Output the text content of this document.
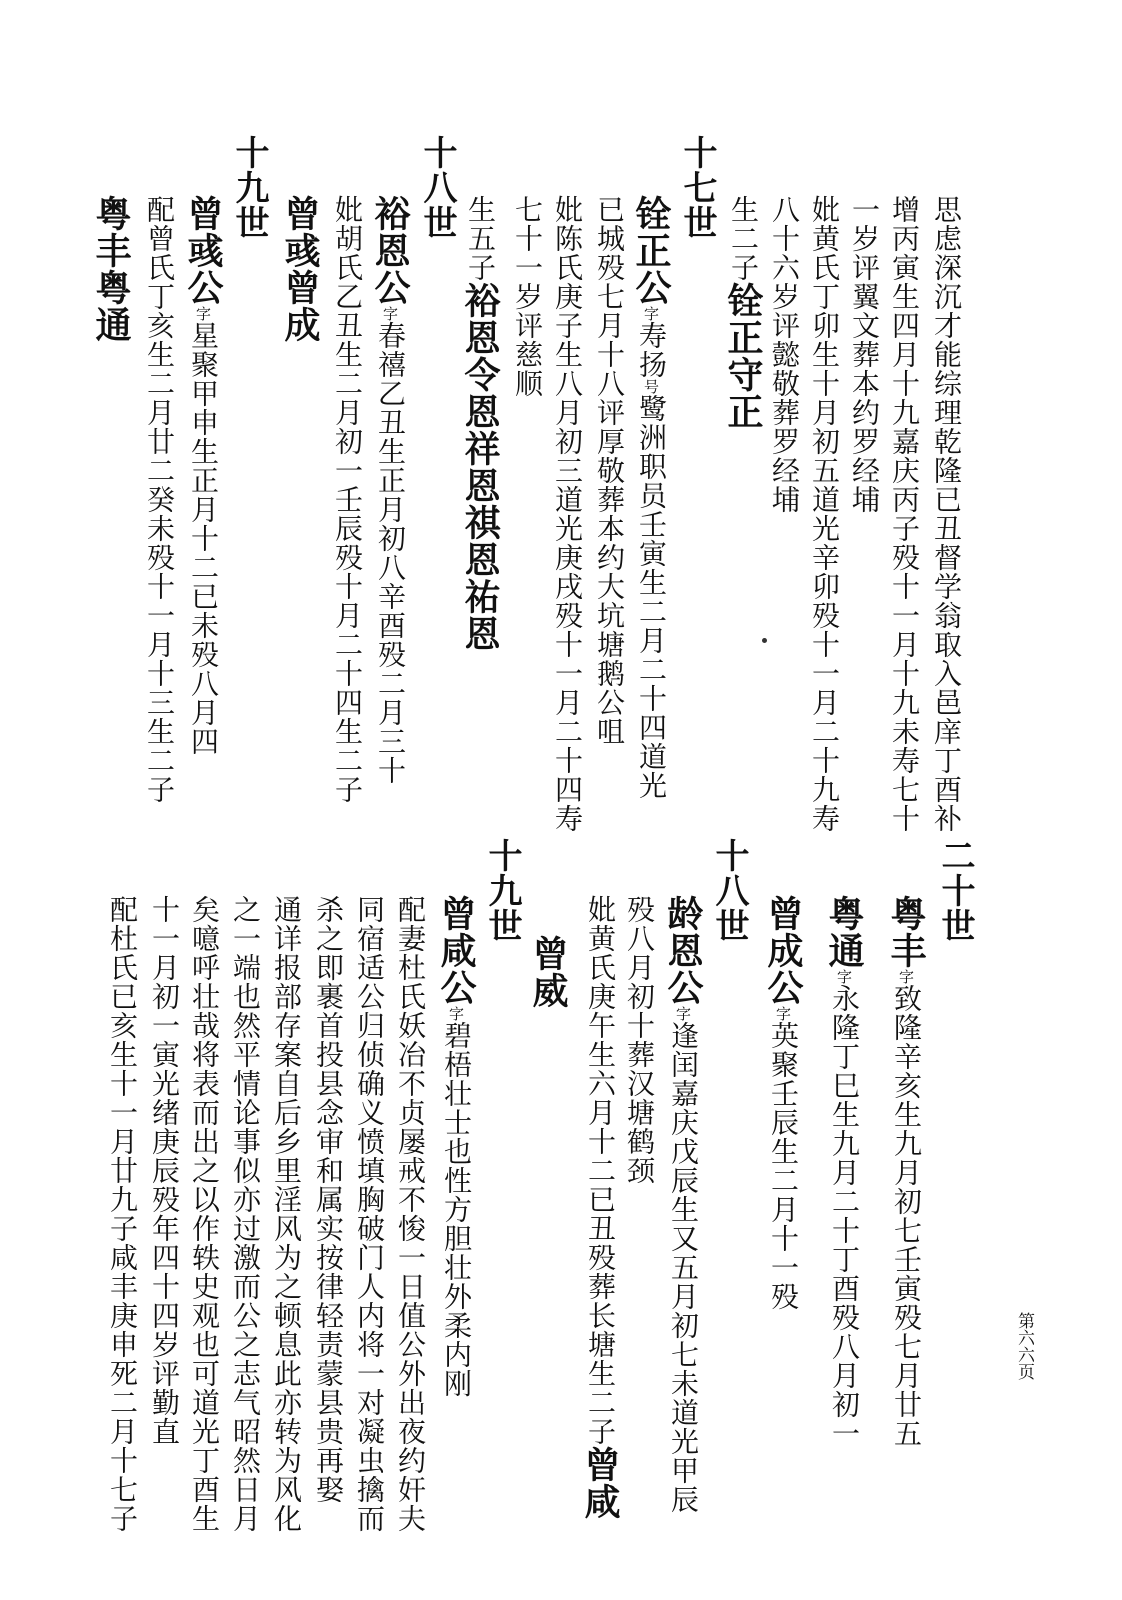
思虑深沉才能综理乾隆已丑督学翁取入邑庠丁酉补
增丙寅生四月十九嘉庆丙子殁十一月十九未寿七十
一岁评翼文葬本约罗经埔
妣黄氏丁卯生十月初五道光辛卯殁十一月二十九寿
八十六岁评懿敬葬罗经埔
生二子铨正守正
十七世
铨正公字寿扬号鹭洲职员壬寅生二月二十四道光
已城殁七月十八评厚敬葬本约大坑塘鹅公咀
妣陈氏庚子生八月初三道光庚戌殁十一月二十四寿
七十一岁评慈顺
生五子裕恩令恩祥恩祺恩祐恩
十八世
裕恩公字春禧乙丑生正月初八辛酉殁二月三十
妣胡氏乙丑生二月初一壬辰殁十月二十四生二子
曾彧曾成
十九世
曾彧公字星聚甲申生正月十二已未殁八月四
配曾氏丁亥生二月廿二癸未殁十一月十三生二子
粤丰粤通
二十世
粤丰字致隆辛亥生九月初七壬寅殁七月廿五
粤通字永隆丁巳生九月二十丁酉殁八月初一
曾成公字英聚壬辰生二月十一殁
十八世
龄恩公字逢闰嘉庆戊辰生又五月初七未道光甲辰
殁八月初十葬汉塘鹤颈
妣黄氏庚午生六月十二已丑殁葬长塘生二子曾咸
曾威
十九世
曾咸公字碧梧壮士也性方胆壮外柔内刚
配妻杜氏妖冶不贞屡戒不悛一日值公外出夜约奸夫
同宿适公归侦确义愤填胸破门人内将一对凝虫擒而
杀之即裹首投县念审和属实按律轻责蒙县贵再娶
通详报部存案自后乡里淫风为之顿息此亦转为风化
之一端也然平情论事似亦过激而公之志气昭然日月
矣噫呼壮哉将表而出之以作轶史观也可道光丁酉生
十一月初一寅光绪庚辰殁年四十四岁评勤直
配杜氏已亥生十一月廿九子咸丰庚申死二月十七子	第六六页
